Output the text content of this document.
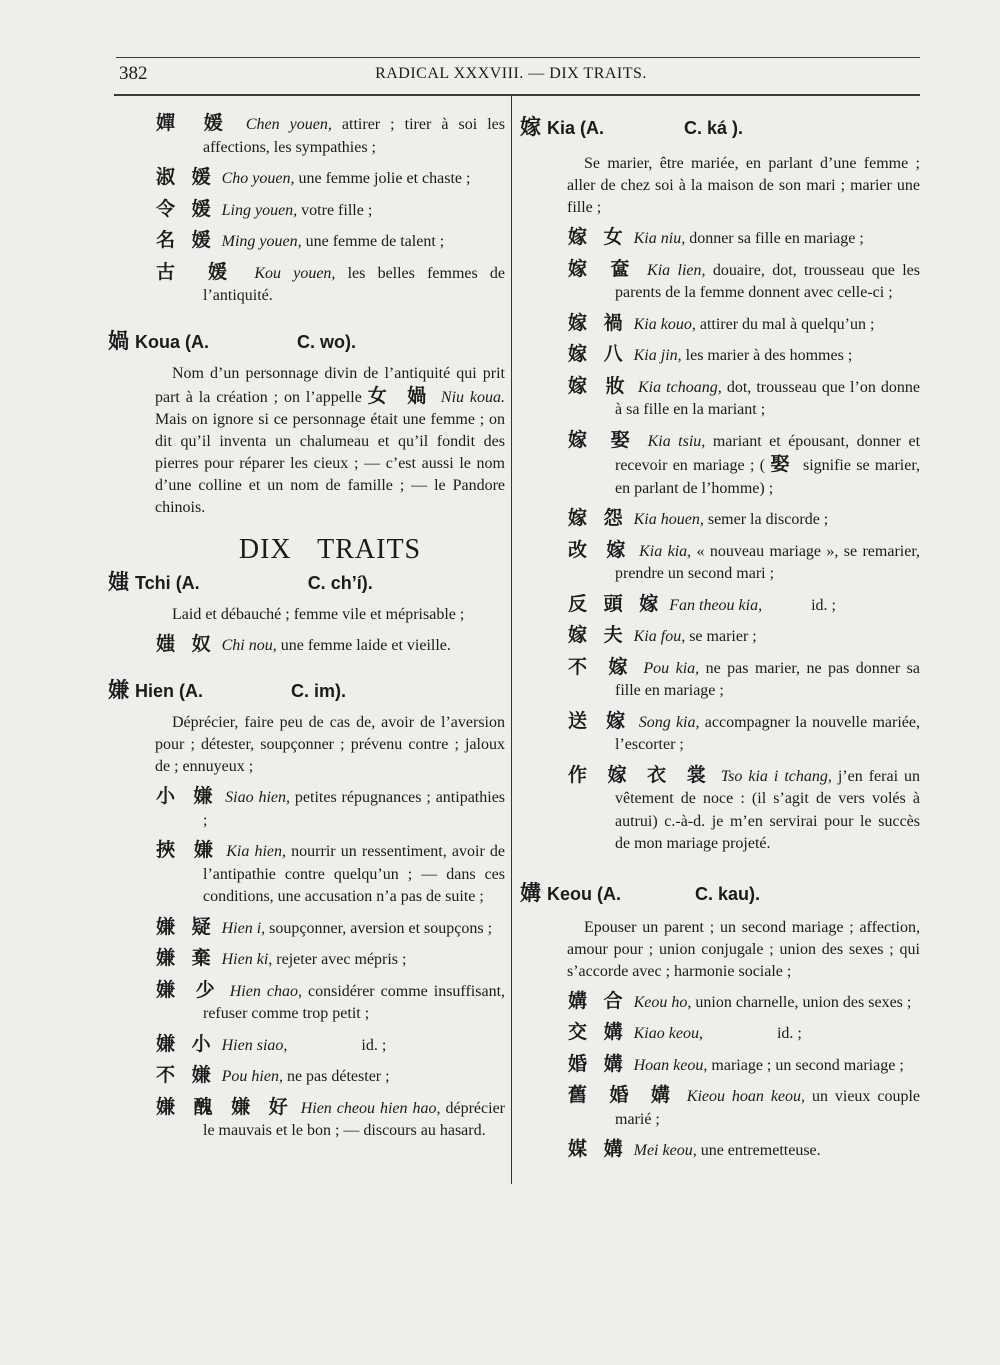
382	RADICAL XXXVIII. — DIX TRAITS.
嬋 媛 Chen youen, attirer ; tirer à soi les affections, les sympathies ;
淑 媛 Cho youen, une femme jolie et chaste ;
令 媛 Ling youen, votre fille ;
名 媛 Ming youen, une femme de talent ;
古 媛 Kou youen, les belles femmes de l’antiquité.
媧 Koua (A.	C. wo).
Nom d’un personnage divin de l’antiquité qui prit part à la création ; on l’appelle 女 媧 Niu koua. Mais on ignore si ce personnage était une femme ; on dit qu’il inventa un chalumeau et qu’il fondit des pierres pour réparer les cieux ; — c’est aussi le nom d’une colline et un nom de famille ; — le Pandore chinois.
DIX TRAITS
媸 Tchi (A.	C. ch’í).
Laid et débauché ; femme vile et méprisable ;
媸 奴 Chi nou, une femme laide et vieille.
嫌 Hien (A.	C. im).
Déprécier, faire peu de cas de, avoir de l’aversion pour ; détester, soupçonner ; prévenu contre ; jaloux de ; ennuyeux ;
小 嫌 Siao hien, petites répugnances ; antipathies ;
挾 嫌 Kia hien, nourrir un ressentiment, avoir de l’antipathie contre quelqu’un ; — dans ces conditions, une accusation n’a pas de suite ;
嫌 疑 Hien i, soupçonner, aversion et soupçons ;
嫌 棄 Hien ki, rejeter avec mépris ;
嫌 少 Hien chao, considérer comme insuffisant, refuser comme trop petit ;
嫌 小 Hien siao,	id. ;
不 嫌 Pou hien, ne pas détester ;
嫌 醜 嫌 好 Hien cheou hien hao, déprécier le mauvais et le bon ; — discours au hasard.
嫁 Kia (A.	C. ká ).
Se marier, être mariée, en parlant d’une femme ; aller de chez soi à la maison de son mari ; marier une fille ;
嫁 女 Kia niu, donner sa fille en mariage ;
嫁 奩 Kia lien, douaire, dot, trousseau que les parents de la femme donnent avec celle-ci ;
嫁 禍 Kia kouo, attirer du mal à quelqu’un ;
嫁 八 Kia jin, les marier à des hommes ;
嫁 妝 Kia tchoang, dot, trousseau que l’on donne à sa fille en la mariant ;
嫁 娶 Kia tsiu, mariant et épousant, donner et recevoir en mariage ; ( 娶 signifie se marier, en parlant de l’homme) ;
嫁 怨 Kia houen, semer la discorde ;
改 嫁 Kia kia, « nouveau mariage », se remarier, prendre un second mari ;
反 頭 嫁 Fan theou kia,	id. ;
嫁 夫 Kia fou, se marier ;
不 嫁 Pou kia, ne pas marier, ne pas donner sa fille en mariage ;
送 嫁 Song kia, accompagner la nouvelle mariée, l’escorter ;
作 嫁 衣 裳 Tso kia i tchang, j’en ferai un vêtement de noce : (il s’agit de vers volés à autrui) c.-à-d. je m’en servirai pour le succès de mon mariage projeté.
媾 Keou (A.	C. kau).
Epouser un parent ; un second mariage ; affection, amour pour ; union conjugale ; union des sexes ; qui s’accorde avec ; harmonie sociale ;
媾 合 Keou ho, union charnelle, union des sexes ;
交 媾 Kiao keou,	id. ;
婚 媾 Hoan keou, mariage ; un second mariage ;
舊 婚 媾 Kieou hoan keou, un vieux couple marié ;
媒 媾 Mei keou, une entremetteuse.
